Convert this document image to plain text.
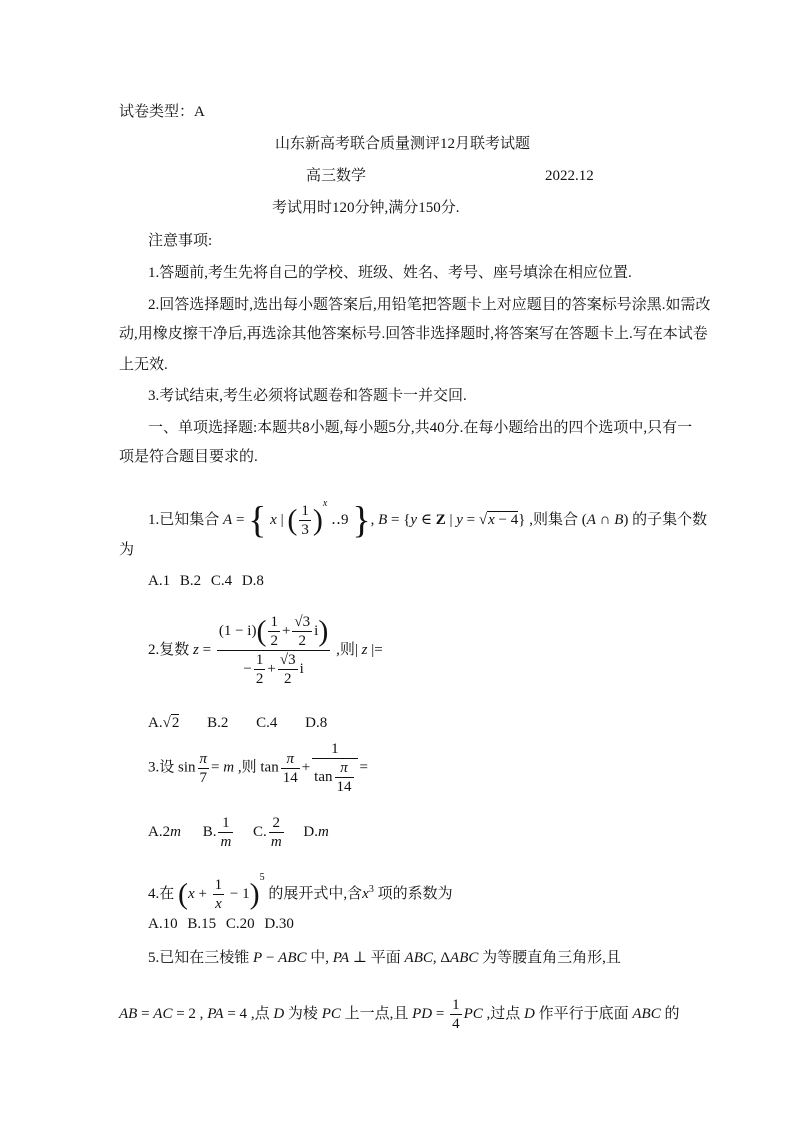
试卷类型：A
山东新高考联合质量测评12月联考试题
高三数学	2022.12
考试用时120分钟,满分150分.
注意事项:
1.答题前,考生先将自己的学校、班级、姓名、考号、座号填涂在相应位置.
2.回答选择题时,选出每小题答案后,用铅笔把答题卡上对应题目的答案标号涂黑.如需改
动,用橡皮擦干净后,再选涂其他答案标号.回答非选择题时,将答案写在答题卡上.写在本试卷
上无效.
3.考试结束,考生必须将试题卷和答题卡一并交回.
一、单项选择题:本题共8小题,每小题5分,共40分.在每小题给出的四个选项中,只有一
项是符合题目要求的.
1.已知集合 A = { x | ( $\frac{1}{3} )^x$ ‥9 }, B = {y ∈ Z | y = √x − 4} ,则集合 (A ∩ B) 的子集个数
为
A.1 B.2 C.4 D.8
2.复数 $z = \frac{(1 - i)( \frac{1}{2} + \frac{√3}{2} i)}{- \frac{1}{2} + \frac{√3}{2} i}$ ,则| z |=
A.√2 B.2 C.4 D.8
3.设 $\sin \frac{\pi}{7} = m$ ,则 $\tan \frac{\pi}{14} + \frac{1}{\tan \frac{\pi}{14}}$ =
A.2m B. $\frac{1}{m} C$. $\frac{2}{m} D.m$
4.在 $(x + \frac{1}{x} - 1)^5$ 的展开式中,含$x^3$ 项的系数为
A.10 B.15 C.20 D.30
5.已知在三棱锥 P − ABC 中, PA ⊥ 平面 ABC, ΔABC 为等腰直角三角形,且
AB = AC = 2 , PA = 4 ,点 D 为棱 PC 上一点,且 PD = $\frac{1}{4}$ PC ,过点 D 作平行于底面 ABC 的
